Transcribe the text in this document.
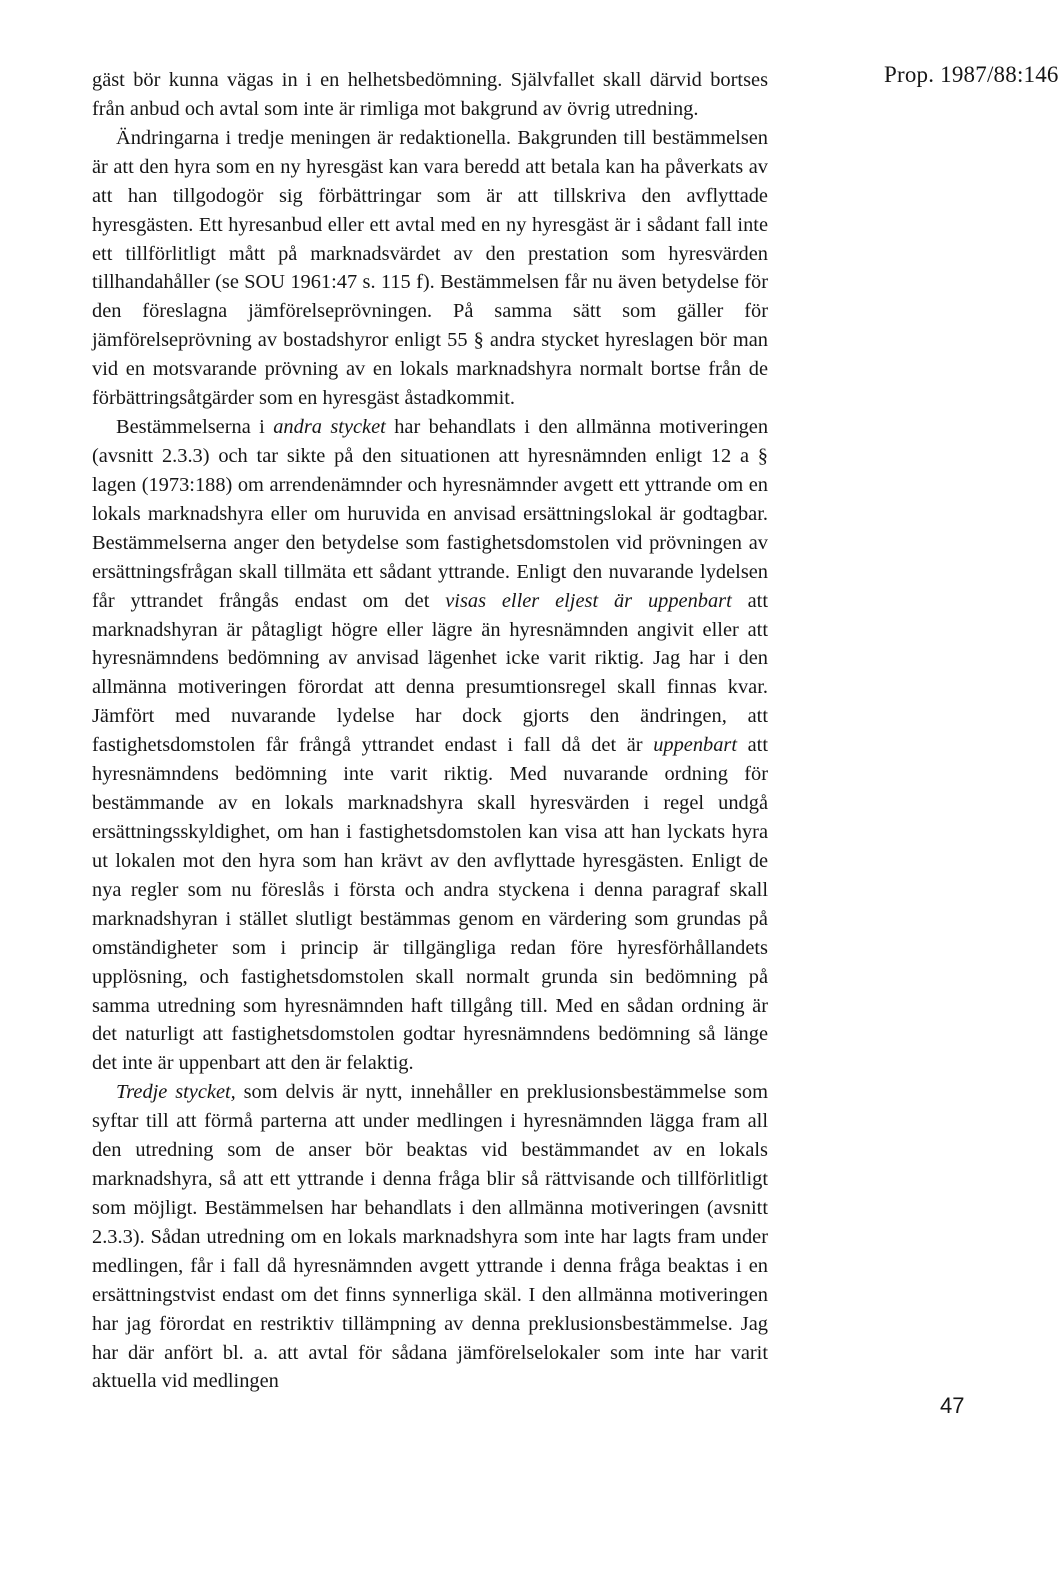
Prop. 1987/88:146

gäst bör kunna vägas in i en helhetsbedömning. Självfallet skall därvid bortses från anbud och avtal som inte är rimliga mot bakgrund av övrig utredning.

Ändringarna i tredje meningen är redaktionella. Bakgrunden till bestämmelsen är att den hyra som en ny hyresgäst kan vara beredd att betala kan ha påverkats av att han tillgodogör sig förbättringar som är att tillskriva den avflyttade hyresgästen. Ett hyresanbud eller ett avtal med en ny hyresgäst är i sådant fall inte ett tillförlitligt mått på marknadsvärdet av den prestation som hyresvärden tillhandahåller (se SOU 1961:47 s. 115 f). Bestämmelsen får nu även betydelse för den föreslagna jämförelseprövningen. På samma sätt som gäller för jämförelseprövning av bostadshyror enligt 55 § andra stycket hyreslagen bör man vid en motsvarande prövning av en lokals marknadshyra normalt bortse från de förbättringsåtgärder som en hyresgäst åstadkommit.

Bestämmelserna i andra stycket har behandlats i den allmänna motiveringen (avsnitt 2.3.3) och tar sikte på den situationen att hyresnämnden enligt 12 a § lagen (1973:188) om arrendenämnder och hyresnämnder avgett ett yttrande om en lokals marknadshyra eller om huruvida en anvisad ersättningslokal är godtagbar. Bestämmelserna anger den betydelse som fastighetsdomstolen vid prövningen av ersättningsfrågan skall tillmäta ett sådant yttrande. Enligt den nuvarande lydelsen får yttrandet frångås endast om det visas eller eljest är uppenbart att marknadshyran är påtagligt högre eller lägre än hyresnämnden angivit eller att hyresnämndens bedömning av anvisad lägenhet icke varit riktig. Jag har i den allmänna motiveringen förordat att denna presumtionsregel skall finnas kvar. Jämfört med nuvarande lydelse har dock gjorts den ändringen, att fastighetsdomstolen får frångå yttrandet endast i fall då det är uppenbart att hyresnämndens bedömning inte varit riktig. Med nuvarande ordning för bestämmande av en lokals marknadshyra skall hyresvärden i regel undgå ersättningsskyldighet, om han i fastighetsdomstolen kan visa att han lyckats hyra ut lokalen mot den hyra som han krävt av den avflyttade hyresgästen. Enligt de nya regler som nu föreslås i första och andra styckena i denna paragraf skall marknadshyran i stället slutligt bestämmas genom en värdering som grundas på omständigheter som i princip är tillgängliga redan före hyresförhållandets upplösning, och fastighetsdomstolen skall normalt grunda sin bedömning på samma utredning som hyresnämnden haft tillgång till. Med en sådan ordning är det naturligt att fastighetsdomstolen godtar hyresnämndens bedömning så länge det inte är uppenbart att den är felaktig.

Tredje stycket, som delvis är nytt, innehåller en preklusionsbestämmelse som syftar till att förmå parterna att under medlingen i hyresnämnden lägga fram all den utredning som de anser bör beaktas vid bestämmandet av en lokals marknadshyra, så att ett yttrande i denna fråga blir så rättvisande och tillförlitligt som möjligt. Bestämmelsen har behandlats i den allmänna motiveringen (avsnitt 2.3.3). Sådan utredning om en lokals marknadshyra som inte har lagts fram under medlingen, får i fall då hyresnämnden avgett yttrande i denna fråga beaktas i en ersättningstvist endast om det finns synnerliga skäl. I den allmänna motiveringen har jag förordat en restriktiv tillämpning av denna preklusionsbestämmelse. Jag har där anfört bl. a. att avtal för sådana jämförelselokaler som inte har varit aktuella vid medlingen

47
